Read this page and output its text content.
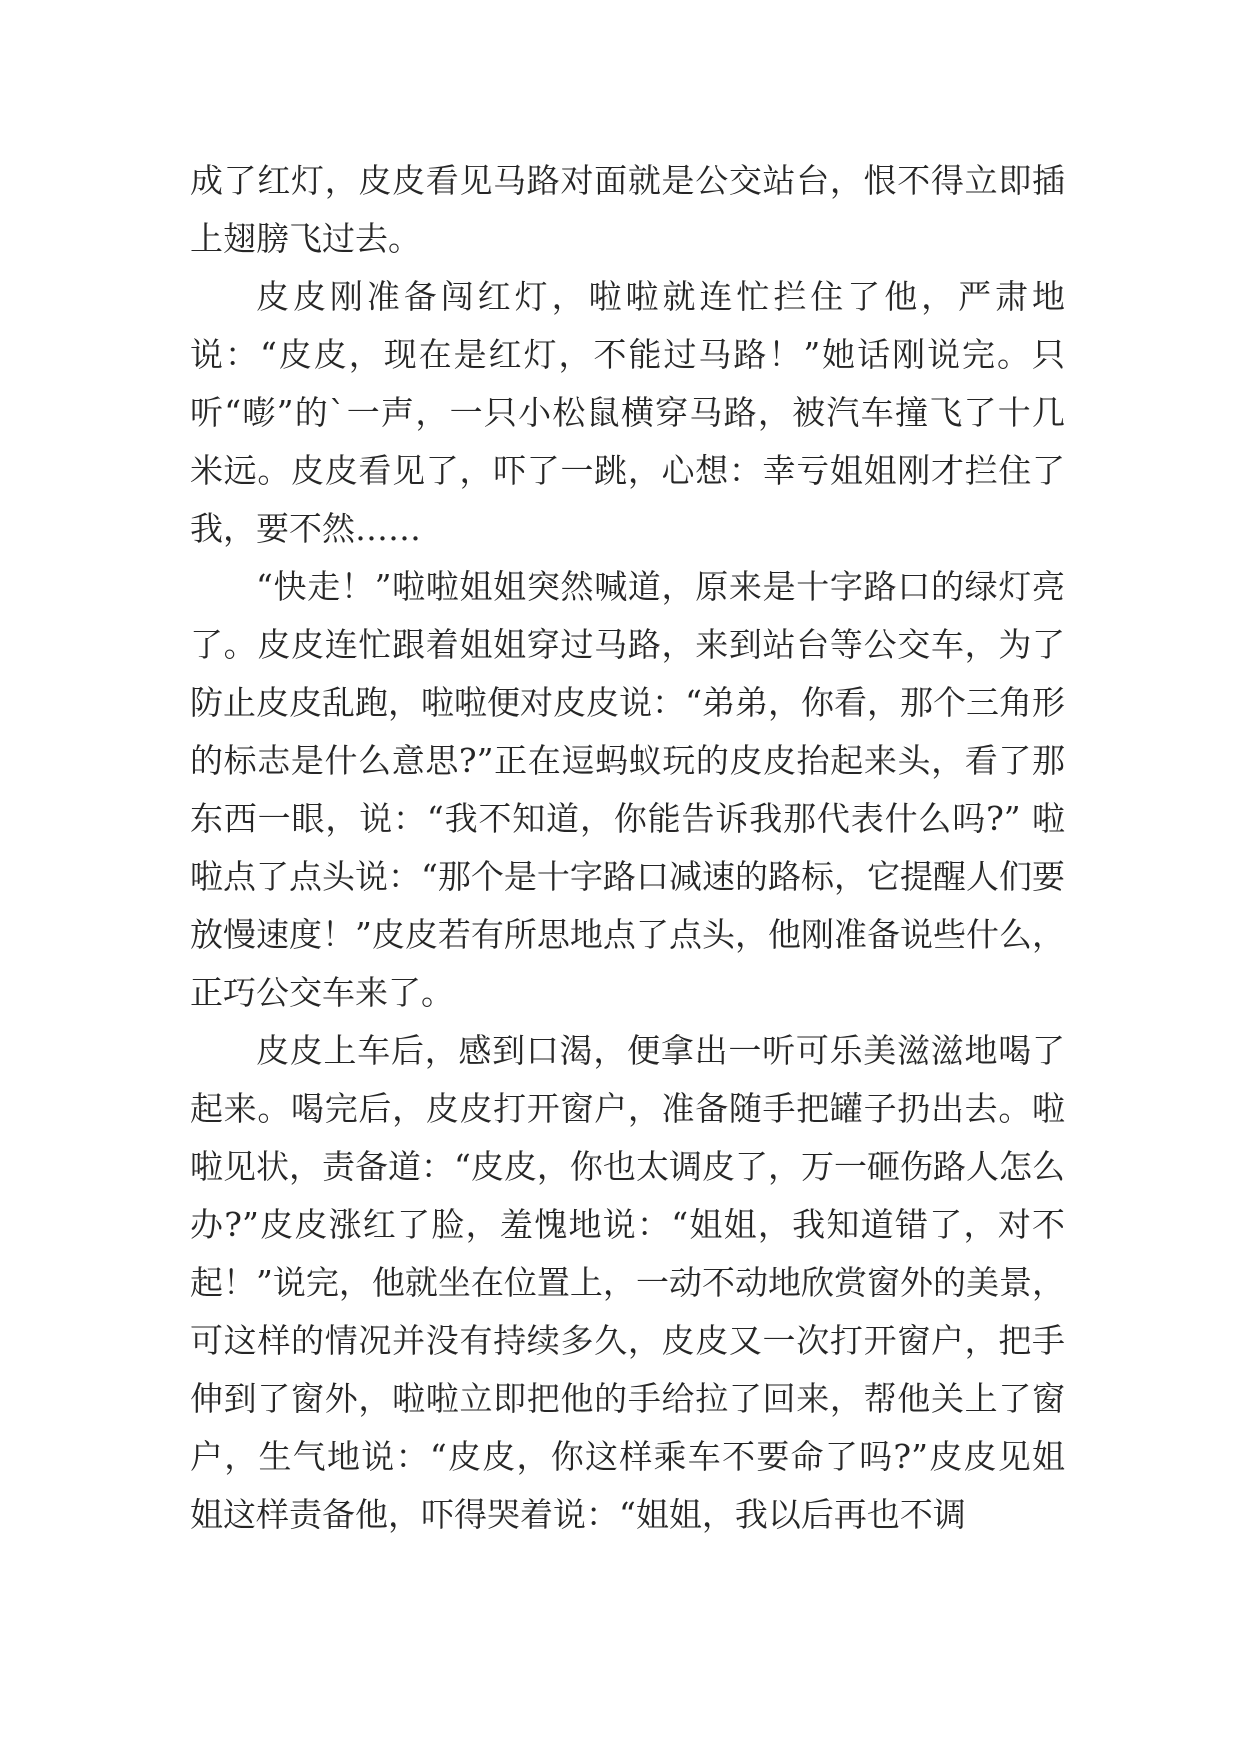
成了红灯，皮皮看见马路对面就是公交站台，恨不得立即插上翅膀飞过去。

皮皮刚准备闯红灯，啦啦就连忙拦住了他，严肃地说：“皮皮，现在是红灯，不能过马路！”她话刚说完。只听“嘭”的`一声，一只小松鼠横穿马路，被汽车撞飞了十几米远。皮皮看见了，吓了一跳，心想：幸亏姐姐刚才拦住了我，要不然……

“快走！”啦啦姐姐突然喊道，原来是十字路口的绿灯亮了。皮皮连忙跟着姐姐穿过马路，来到站台等公交车，为了防止皮皮乱跑，啦啦便对皮皮说：“弟弟，你看，那个三角形的标志是什么意思?”正在逗蚂蚁玩的皮皮抬起来头，看了那东西一眼，说：“我不知道，你能告诉我那代表什么吗?” 啦啦点了点头说：“那个是十字路口减速的路标，它提醒人们要放慢速度！”皮皮若有所思地点了点头，他刚准备说些什么，正巧公交车来了。

皮皮上车后，感到口渴，便拿出一听可乐美滋滋地喝了起来。喝完后，皮皮打开窗户，准备随手把罐子扔出去。啦啦见状，责备道：“皮皮，你也太调皮了，万一砸伤路人怎么办?”皮皮涨红了脸，羞愧地说：“姐姐，我知道错了，对不起！”说完，他就坐在位置上，一动不动地欣赏窗外的美景，可这样的情况并没有持续多久，皮皮又一次打开窗户，把手伸到了窗外，啦啦立即把他的手给拉了回来，帮他关上了窗户，生气地说：“皮皮，你这样乘车不要命了吗?”皮皮见姐姐这样责备他，吓得哭着说：“姐姐，我以后再也不调
